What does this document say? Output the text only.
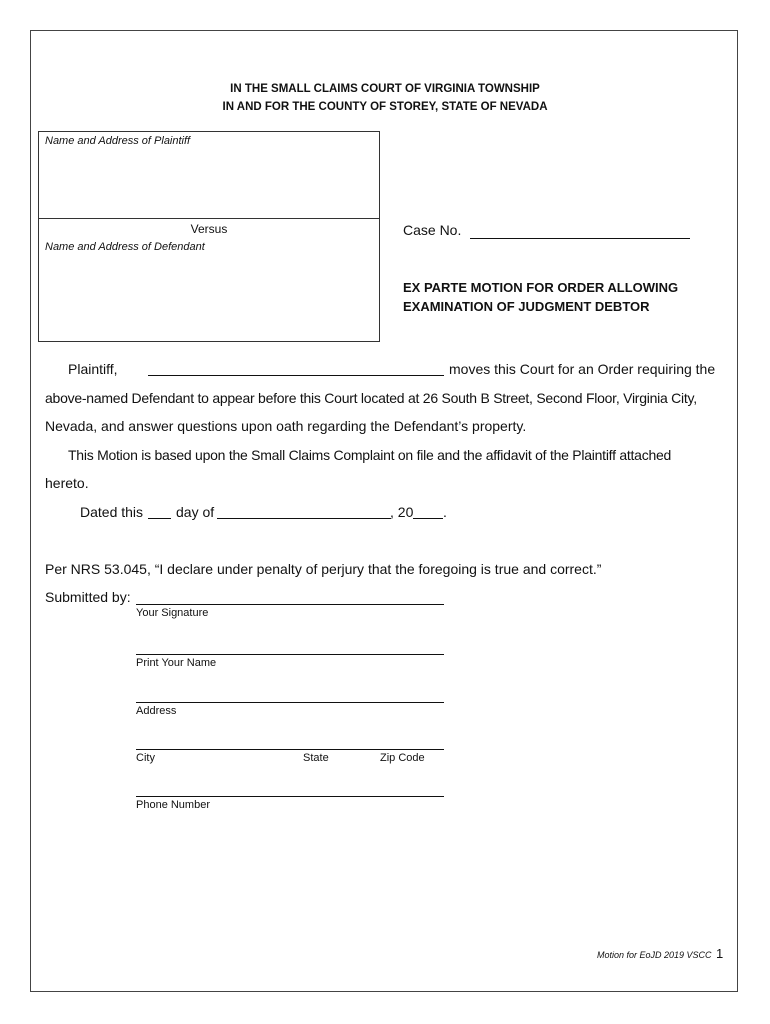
IN THE SMALL CLAIMS COURT OF VIRGINIA TOWNSHIP
IN AND FOR THE COUNTY OF STOREY, STATE OF NEVADA
Name and Address of Plaintiff
Versus
Name and Address of Defendant
Case No.
EX PARTE MOTION FOR ORDER ALLOWING
EXAMINATION OF JUDGMENT DEBTOR
Plaintiff,	moves this Court for an Order requiring the
above-named Defendant to appear before this Court located at 26 South B Street, Second Floor, Virginia City,
Nevada, and answer questions upon oath regarding the Defendant’s property.
This Motion is based upon the Small Claims Complaint on file and the affidavit of the Plaintiff attached
hereto.
Dated this day of	, 20 .
Per NRS 53.045, “I declare under penalty of perjury that the foregoing is true and correct.”
Submitted by:
Your Signature
Print Your Name
Address
City	State	Zip Code
Phone Number
Motion for EoJD 2019 VSCC 1
